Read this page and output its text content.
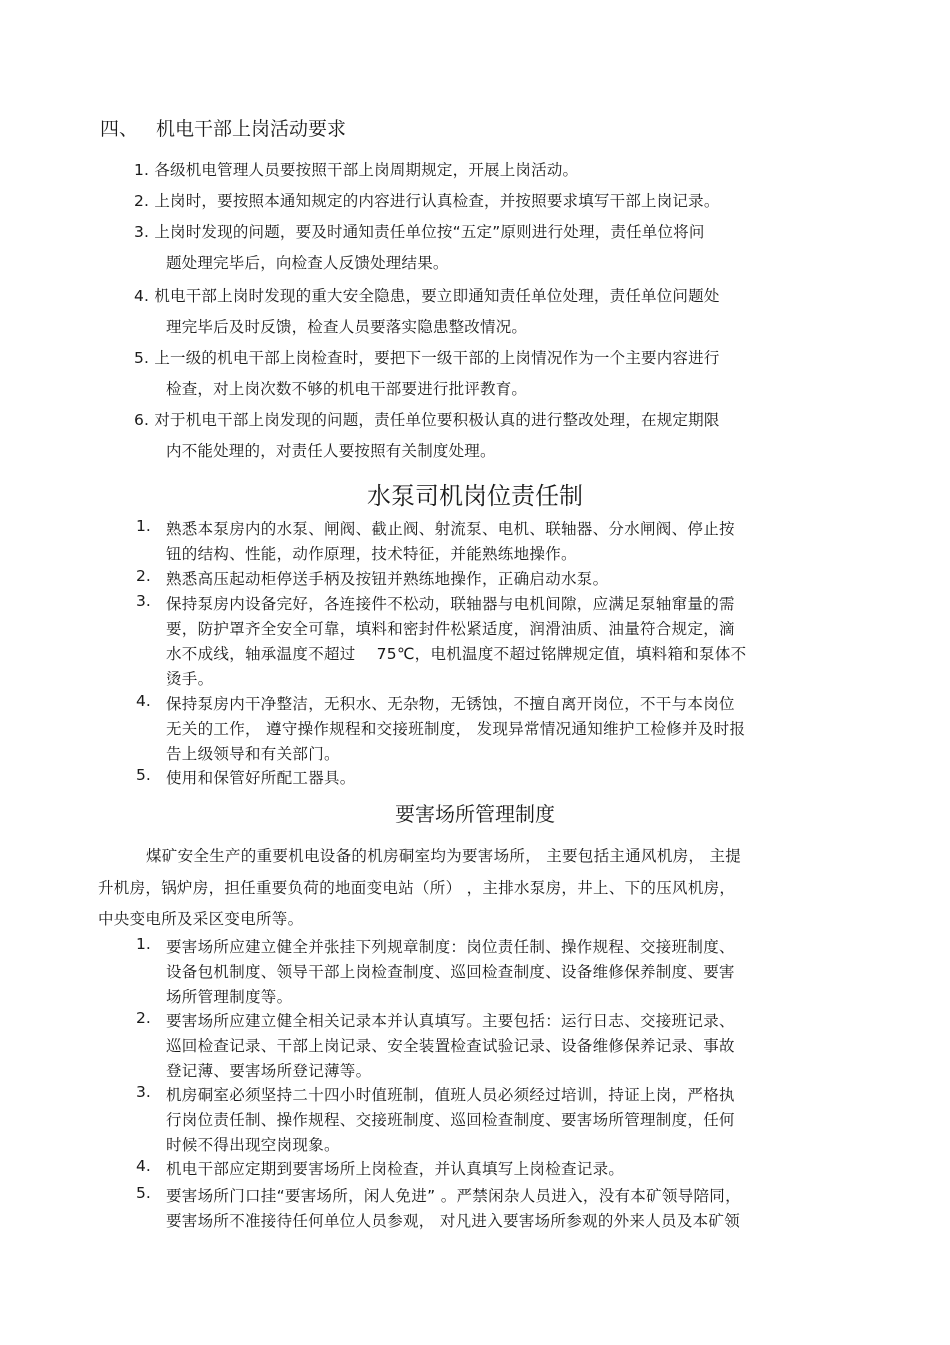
四、 机电干部上岗活动要求
1. 各级机电管理人员要按照干部上岗周期规定，开展上岗活动。
2. 上岗时，要按照本通知规定的内容进行认真检查，并按照要求填写干部上岗记录。
3. 上岗时发现的问题，要及时通知责任单位按“五定”原则进行处理，责任单位将问
题处理完毕后，向检查人反馈处理结果。
4. 机电干部上岗时发现的重大安全隐患，要立即通知责任单位处理，责任单位问题处
理完毕后及时反馈，检查人员要落实隐患整改情况。
5. 上一级的机电干部上岗检查时，要把下一级干部的上岗情况作为一个主要内容进行
检查，对上岗次数不够的机电干部要进行批评教育。
6. 对于机电干部上岗发现的问题，责任单位要积极认真的进行整改处理，在规定期限
内不能处理的，对责任人要按照有关制度处理。
水泵司机岗位责任制
1.
2.
3.
4.
5.
熟悉本泵房内的水泵、闸阀、截止阀、射流泵、电机、联轴器、分水闸阀、停止按
钮的结构、性能，动作原理，技术特征，并能熟练地操作。
熟悉高压起动柜停送手柄及按钮并熟练地操作，正确启动水泵。
保持泵房内设备完好，各连接件不松动，联轴器与电机间隙，应满足泵轴窜量的需
要，防护罩齐全安全可靠，填料和密封件松紧适度，润滑油质、油量符合规定，滴
水不成线，轴承温度不超过　 75℃，电机温度不超过铭牌规定值，填料箱和泵体不
烫手。
保持泵房内干净整洁，无积水、无杂物，无锈蚀，不擅自离开岗位，不干与本岗位
无关的工作， 遵守操作规程和交接班制度， 发现异常情况通知维护工检修并及时报
告上级领导和有关部门。
使用和保管好所配工器具。
要害场所管理制度
煤矿安全生产的重要机电设备的机房硐室均为要害场所， 主要包括主通风机房， 主提
升机房，锅炉房，担任重要负荷的地面变电站（所） ，主排水泵房，井上、下的压风机房，
中央变电所及采区变电所等。
1.
2.
3.
4.
5.
要害场所应建立健全并张挂下列规章制度：岗位责任制、操作规程、交接班制度、
设备包机制度、领导干部上岗检查制度、巡回检查制度、设备维修保养制度、要害
场所管理制度等。
要害场所应建立健全相关记录本并认真填写。主要包括：运行日志、交接班记录、
巡回检查记录、干部上岗记录、安全装置检查试验记录、设备维修保养记录、事故
登记薄、要害场所登记薄等。
机房硐室必须坚持二十四小时值班制，值班人员必须经过培训，持证上岗，严格执
行岗位责任制、操作规程、交接班制度、巡回检查制度、要害场所管理制度，任何
时候不得出现空岗现象。
机电干部应定期到要害场所上岗检查，并认真填写上岗检查记录。
要害场所门口挂“要害场所，闲人免进” 。严禁闲杂人员进入，没有本矿领导陪同，
要害场所不准接待任何单位人员参观， 对凡进入要害场所参观的外来人员及本矿领
